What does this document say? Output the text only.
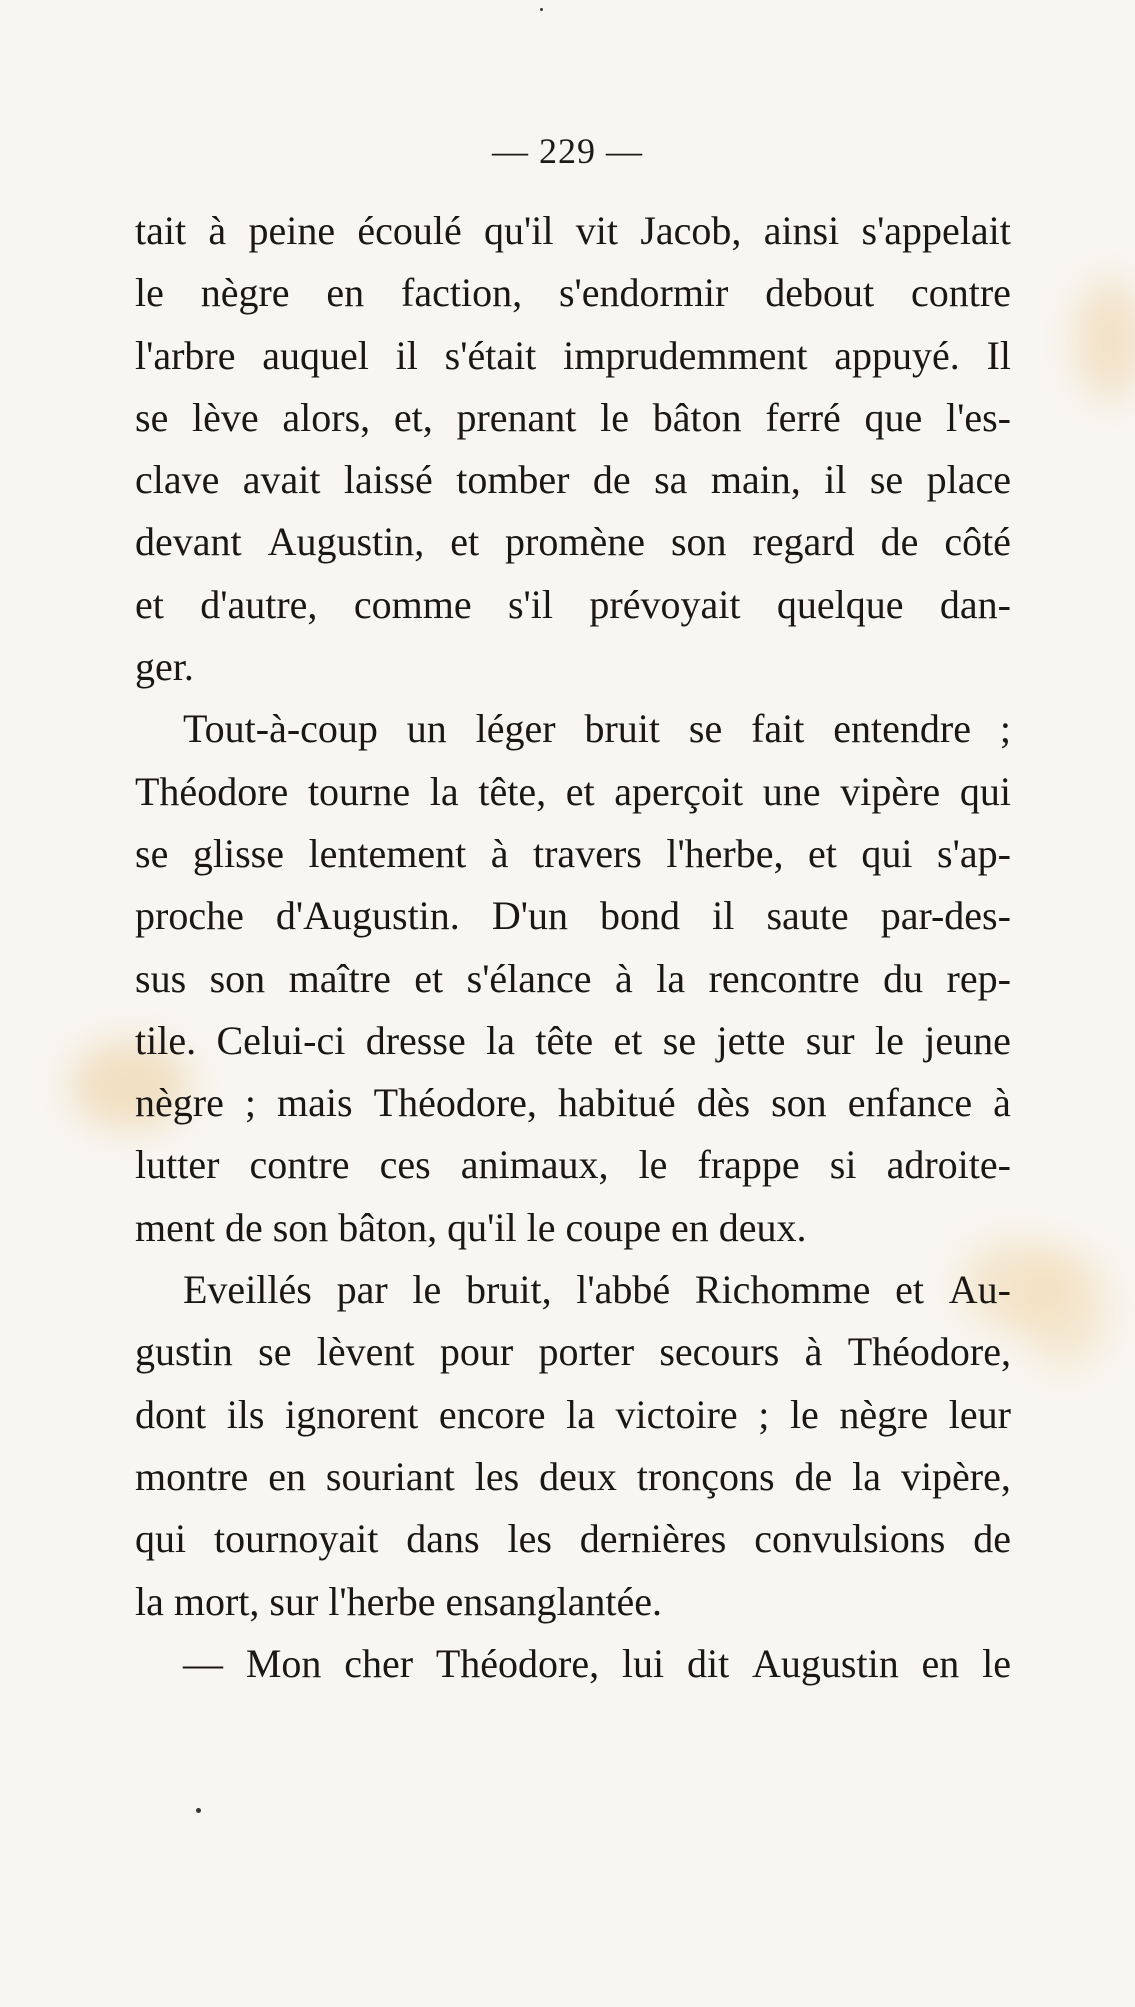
— 229 —
tait à peine écoulé qu'il vit Jacob, ainsi s'appelait
le nègre en faction, s'endormir debout contre
l'arbre auquel il s'était imprudemment appuyé. Il
se lève alors, et, prenant le bâton ferré que l'es-
clave avait laissé tomber de sa main, il se place
devant Augustin, et promène son regard de côté
et d'autre, comme s'il prévoyait quelque dan-
ger.
Tout-à-coup un léger bruit se fait entendre ;
Théodore tourne la tête, et aperçoit une vipère qui
se glisse lentement à travers l'herbe, et qui s'ap-
proche d'Augustin. D'un bond il saute par-des-
sus son maître et s'élance à la rencontre du rep-
tile. Celui-ci dresse la tête et se jette sur le jeune
nègre ; mais Théodore, habitué dès son enfance à
lutter contre ces animaux, le frappe si adroite-
ment de son bâton, qu'il le coupe en deux.
Eveillés par le bruit, l'abbé Richomme et Au-
gustin se lèvent pour porter secours à Théodore,
dont ils ignorent encore la victoire ; le nègre leur
montre en souriant les deux tronçons de la vipère,
qui tournoyait dans les dernières convulsions de
la mort, sur l'herbe ensanglantée.
— Mon cher Théodore, lui dit Augustin en le
